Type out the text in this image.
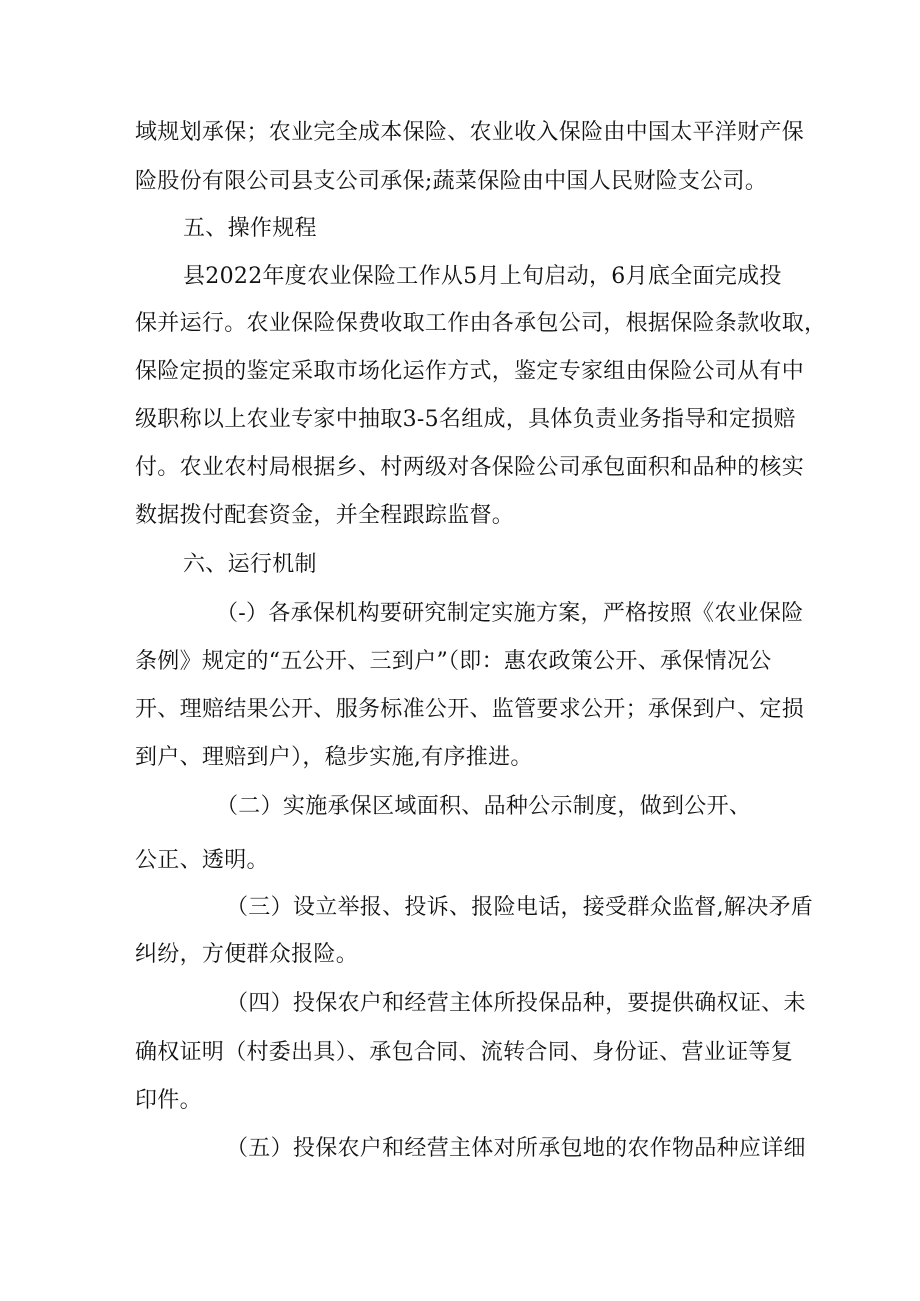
域规划承保；农业完全成本保险、农业收入保险由中国太平洋财产保

险股份有限公司县支公司承保;蔬菜保险由中国人民财险支公司。

五、操作规程

县2022年度农业保险工作从5月上旬启动，6月底全面完成投

保并运行。农业保险保费收取工作由各承包公司，根据保险条款收取，

保险定损的鉴定采取市场化运作方式，鉴定专家组由保险公司从有中

级职称以上农业专家中抽取3-5名组成，具体负责业务指导和定损赔

付。农业农村局根据乡、村两级对各保险公司承包面积和品种的核实

数据拨付配套资金，并全程跟踪监督。

六、运行机制

（-）各承保机构要研究制定实施方案，严格按照《农业保险

条例》规定的“五公开、三到户”（即：惠农政策公开、承保情况公

开、理赔结果公开、服务标准公开、监管要求公开；承保到户、定损

到户、理赔到户），稳步实施,有序推进。

（二）实施承保区域面积、品种公示制度，做到公开、

公正、透明。

（三）设立举报、投诉、报险电话，接受群众监督,解决矛盾

纠纷，方便群众报险。

（四）投保农户和经营主体所投保品种，要提供确权证、未

确权证明（村委出具）、承包合同、流转合同、身份证、营业证等复

印件。

（五）投保农户和经营主体对所承包地的农作物品种应详细
